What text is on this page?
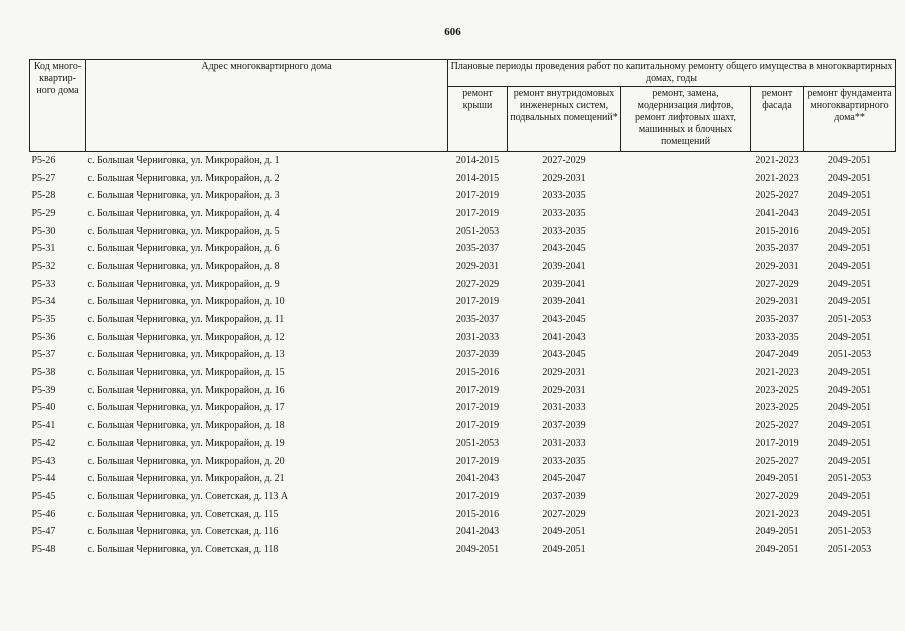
606
Код много-квартир-ного дома	Адрес многоквартирного дома	Плановые периоды проведения работ по капитальному ремонту общего имущества в многоквартирных домах, годы				
		ремонт крыши	ремонт внутридомовых инженерных систем, подвальных помещений*	ремонт, замена, модернизация лифтов, ремонт лифтовых шахт, машинных и блочных помещений	ремонт фасада	ремонт фундамента многоквартирного дома**
P5-26	с. Большая Черниговка, ул. Микрорайон, д. 1	2014-2015	2027-2029		2021-2023	2049-2051
P5-27	с. Большая Черниговка, ул. Микрорайон, д. 2	2014-2015	2029-2031		2021-2023	2049-2051
P5-28	с. Большая Черниговка, ул. Микрорайон, д. 3	2017-2019	2033-2035		2025-2027	2049-2051
P5-29	с. Большая Черниговка, ул. Микрорайон, д. 4	2017-2019	2033-2035		2041-2043	2049-2051
P5-30	с. Большая Черниговка, ул. Микрорайон, д. 5	2051-2053	2033-2035		2015-2016	2049-2051
P5-31	с. Большая Черниговка, ул. Микрорайон, д. 6	2035-2037	2043-2045		2035-2037	2049-2051
P5-32	с. Большая Черниговка, ул. Микрорайон, д. 8	2029-2031	2039-2041		2029-2031	2049-2051
P5-33	с. Большая Черниговка, ул. Микрорайон, д. 9	2027-2029	2039-2041		2027-2029	2049-2051
P5-34	с. Большая Черниговка, ул. Микрорайон, д. 10	2017-2019	2039-2041		2029-2031	2049-2051
P5-35	с. Большая Черниговка, ул. Микрорайон, д. 11	2035-2037	2043-2045		2035-2037	2051-2053
P5-36	с. Большая Черниговка, ул. Микрорайон, д. 12	2031-2033	2041-2043		2033-2035	2049-2051
P5-37	с. Большая Черниговка, ул. Микрорайон, д. 13	2037-2039	2043-2045		2047-2049	2051-2053
P5-38	с. Большая Черниговка, ул. Микрорайон, д. 15	2015-2016	2029-2031		2021-2023	2049-2051
P5-39	с. Большая Черниговка, ул. Микрорайон, д. 16	2017-2019	2029-2031		2023-2025	2049-2051
P5-40	с. Большая Черниговка, ул. Микрорайон, д. 17	2017-2019	2031-2033		2023-2025	2049-2051
P5-41	с. Большая Черниговка, ул. Микрорайон, д. 18	2017-2019	2037-2039		2025-2027	2049-2051
P5-42	с. Большая Черниговка, ул. Микрорайон, д. 19	2051-2053	2031-2033		2017-2019	2049-2051
P5-43	с. Большая Черниговка, ул. Микрорайон, д. 20	2017-2019	2033-2035		2025-2027	2049-2051
P5-44	с. Большая Черниговка, ул. Микрорайон, д. 21	2041-2043	2045-2047		2049-2051	2051-2053
P5-45	с. Большая Черниговка, ул. Советская, д. 113 А	2017-2019	2037-2039		2027-2029	2049-2051
P5-46	с. Большая Черниговка, ул. Советская, д. 115	2015-2016	2027-2029		2021-2023	2049-2051
P5-47	с. Большая Черниговка, ул. Советская, д. 116	2041-2043	2049-2051		2049-2051	2051-2053
P5-48	с. Большая Черниговка, ул. Советская, д. 118	2049-2051	2049-2051		2049-2051	2051-2053
